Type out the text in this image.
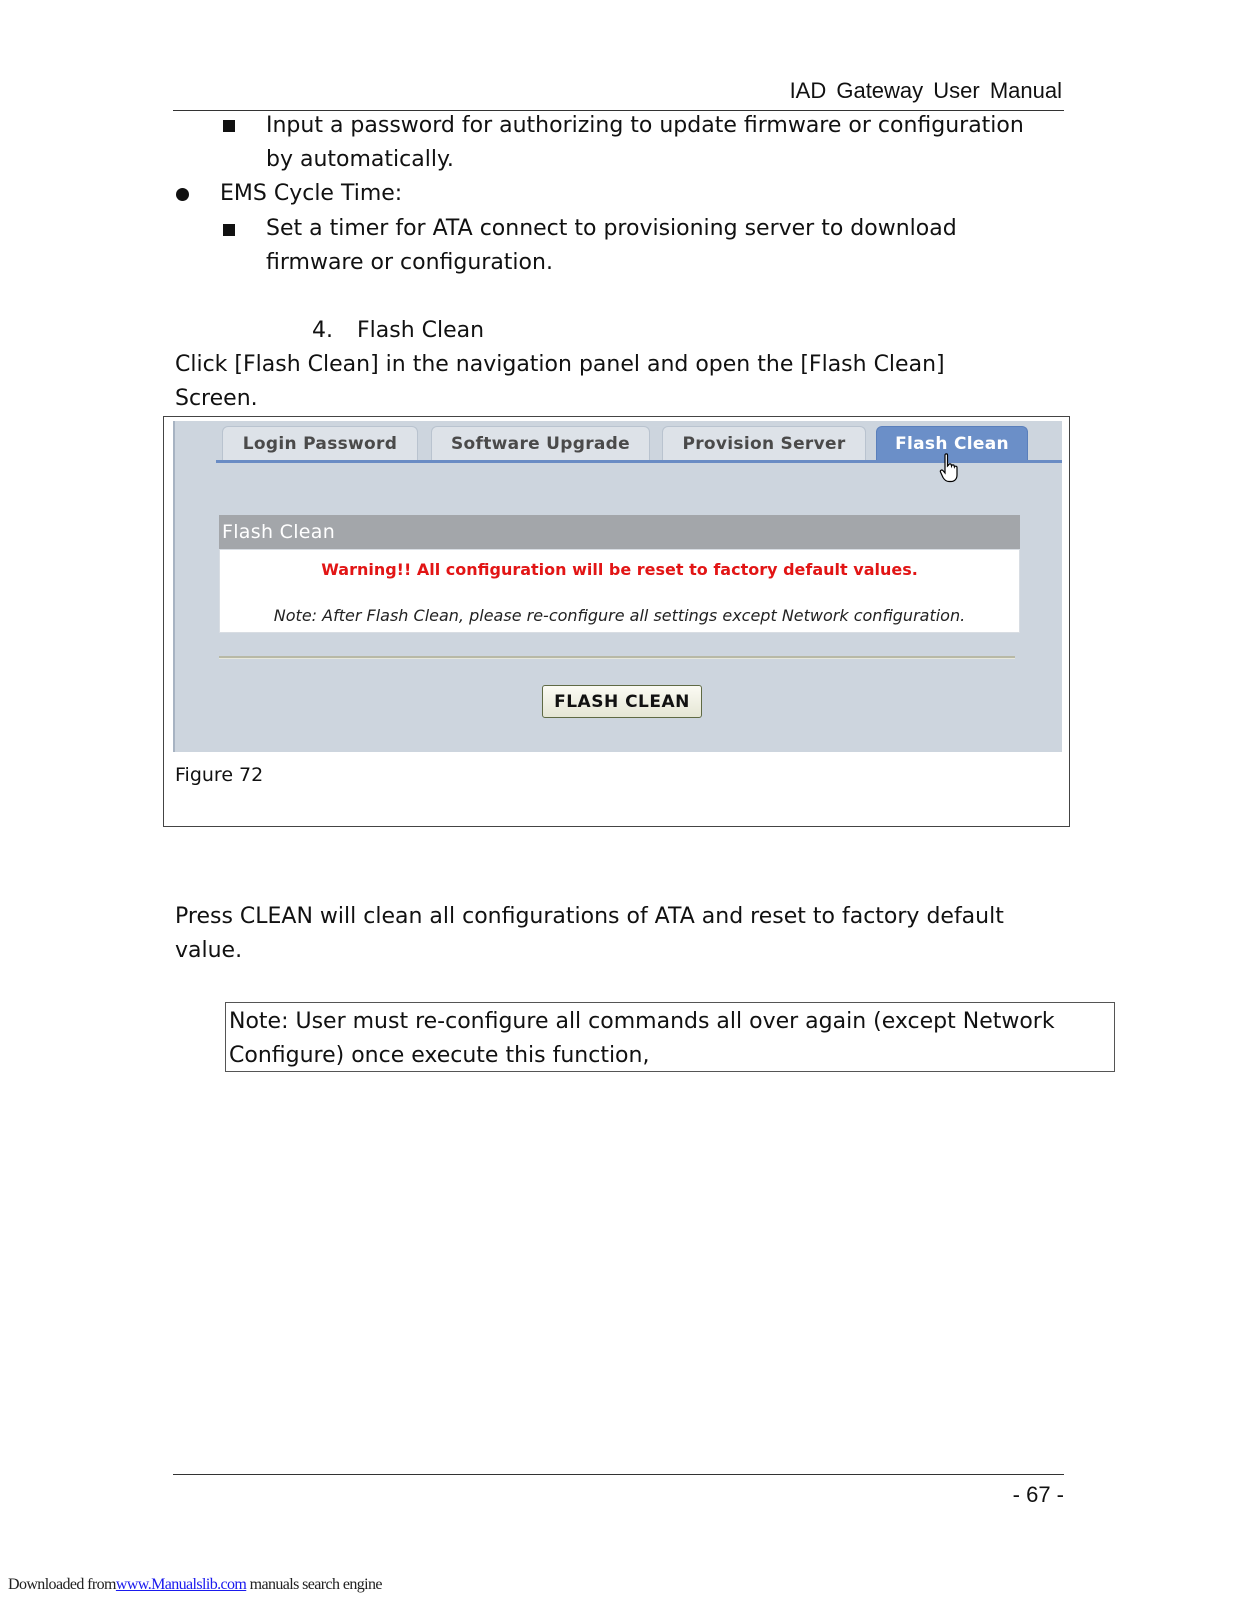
IAD Gateway User Manual
Input a password for authorizing to update firmware or configuration
by automatically.
EMS Cycle Time:
Set a timer for ATA connect to provisioning server to download
firmware or configuration.
4. Flash Clean
Click [Flash Clean] in the navigation panel and open the [Flash Clean]
Screen.
Login Password	Software Upgrade	Provision Server	Flash Clean
Flash Clean
Warning!! All configuration will be reset to factory default values.
Note: After Flash Clean, please re-configure all settings except Network configuration.
FLASH CLEAN
Figure 72
Press CLEAN will clean all configurations of ATA and reset to factory default
value.
Note: User must re-configure all commands all over again (except Network
Configure) once execute this function,
- 67 -
Downloaded fromwww.Manualslib.com manuals search engine
